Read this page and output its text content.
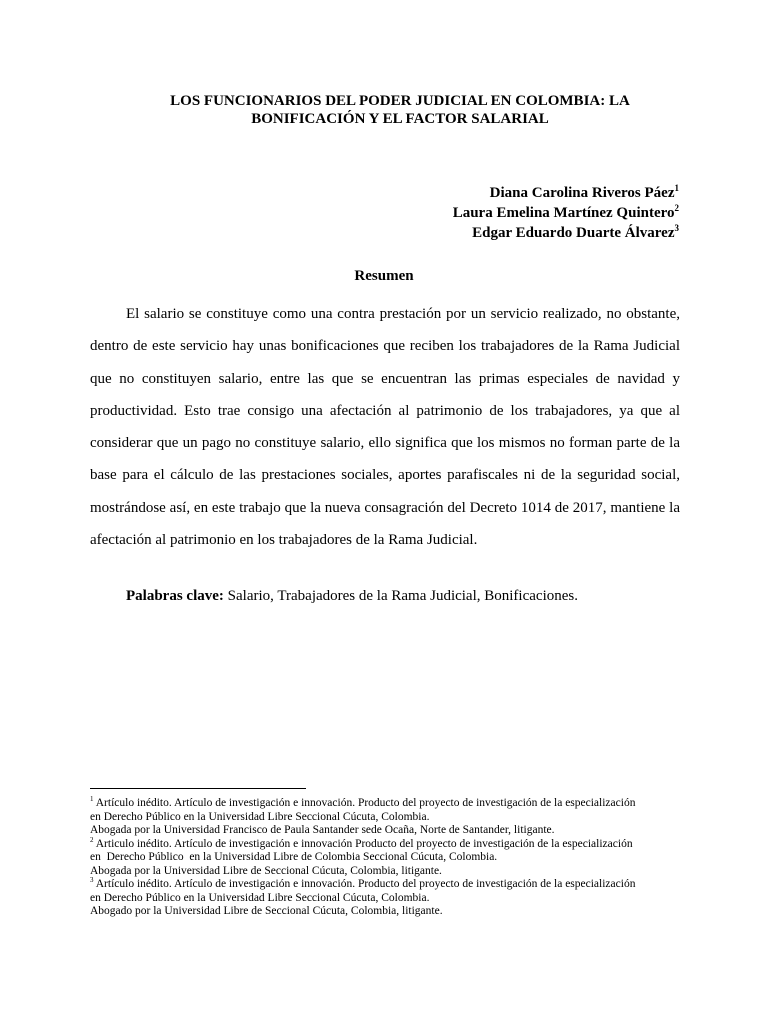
LOS FUNCIONARIOS DEL PODER JUDICIAL EN COLOMBIA: LA
BONIFICACIÓN Y EL FACTOR SALARIAL
Diana Carolina Riveros Páez$^1$
Laura Emelina Martínez Quintero$^2$
Edgar Eduardo Duarte Álvarez$^3$
Resumen

El salario se constituye como una contra prestación por un servicio realizado, no obstante, dentro de este servicio hay unas bonificaciones que reciben los trabajadores de la Rama Judicial que no constituyen salario, entre las que se encuentran las primas especiales de navidad y productividad. Esto trae consigo una afectación al patrimonio de los trabajadores, ya que al considerar que un pago no constituye salario, ello significa que los mismos no forman parte de la base para el cálculo de las prestaciones sociales, aportes parafiscales ni de la seguridad social, mostrándose así, en este trabajo que la nueva consagración del Decreto 1014 de 2017, mantiene la afectación al patrimonio en los trabajadores de la Rama Judicial.

Palabras clave: Salario, Trabajadores de la Rama Judicial, Bonificaciones.

$^1$ Artículo inédito. Artículo de investigación e innovación. Producto del proyecto de investigación de la especialización
en Derecho Público en la Universidad Libre Seccional Cúcuta, Colombia.
Abogada por la Universidad Francisco de Paula Santander sede Ocaña, Norte de Santander, litigante.
$^2$ Articulo inédito. Artículo de investigación e innovación Producto del proyecto de investigación de la especialización
en  Derecho Público  en la Universidad Libre de Colombia Seccional Cúcuta, Colombia.
Abogada por la Universidad Libre de Seccional Cúcuta, Colombia, litigante.
$^3$ Artículo inédito. Artículo de investigación e innovación. Producto del proyecto de investigación de la especialización
en Derecho Público en la Universidad Libre Seccional Cúcuta, Colombia.
Abogado por la Universidad Libre de Seccional Cúcuta, Colombia, litigante.
